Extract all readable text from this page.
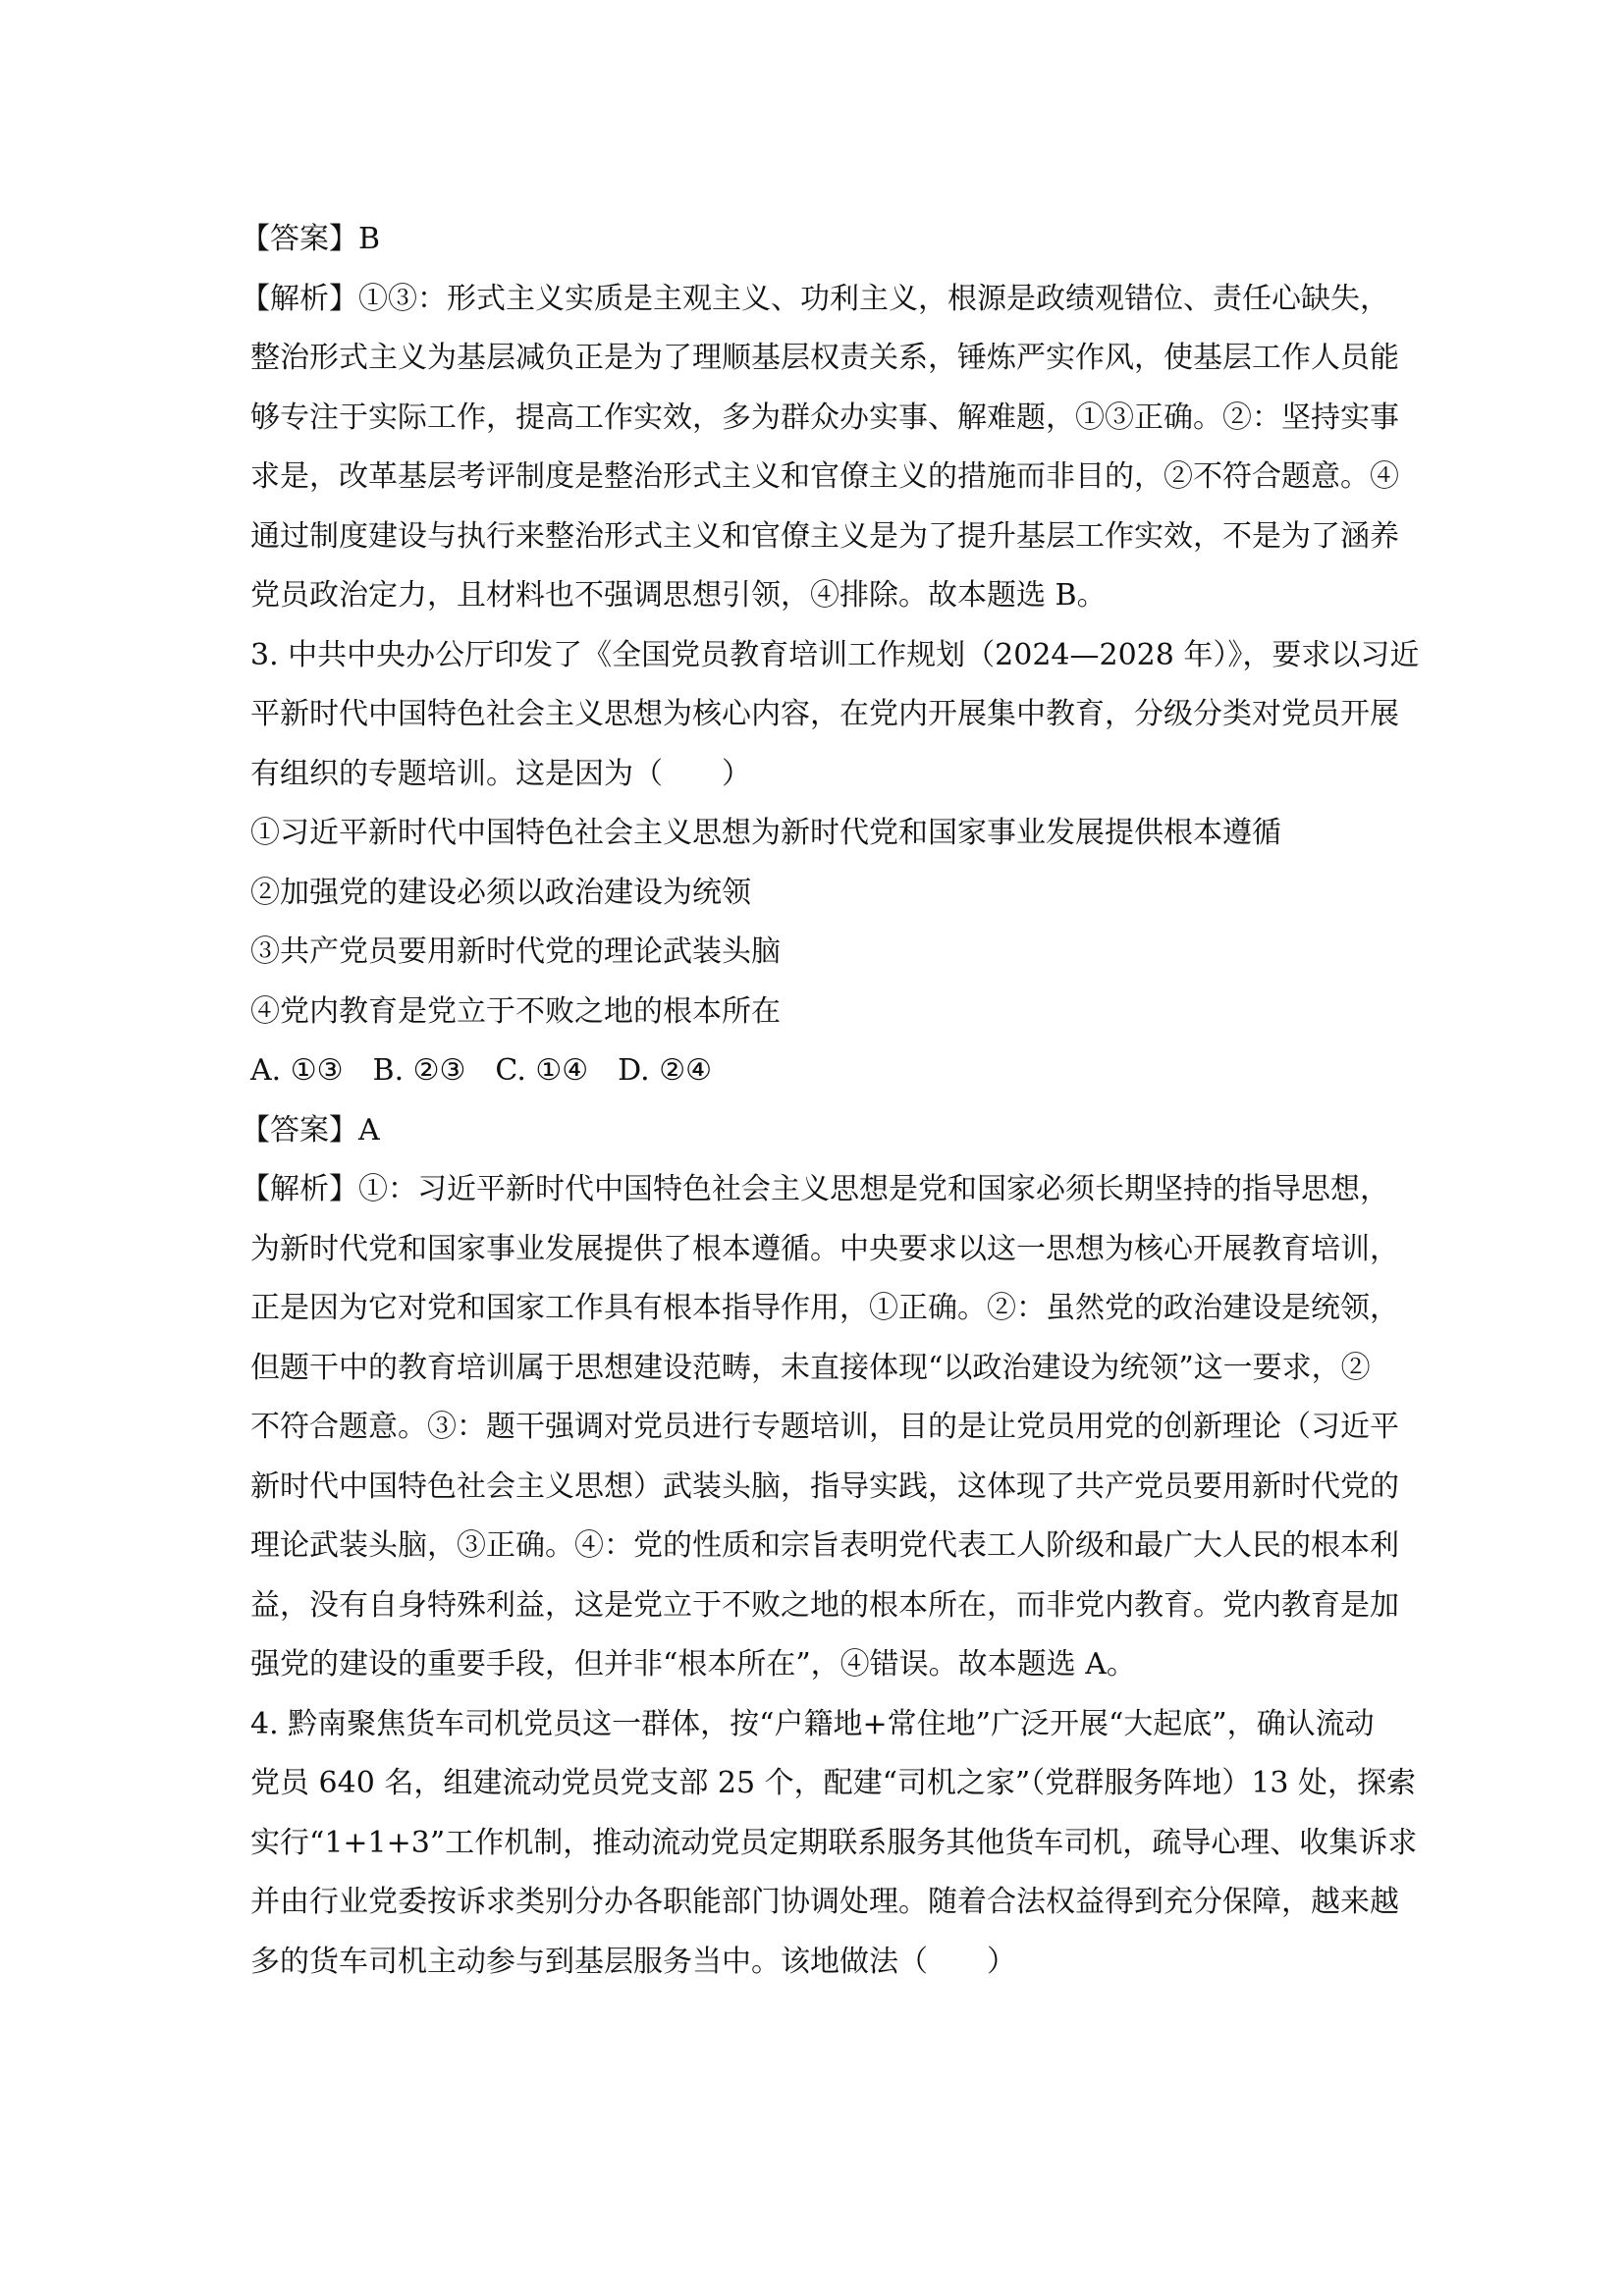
【答案】B
【解析】①③：形式主义实质是主观主义、功利主义，根源是政绩观错位、责任心缺失，
整治形式主义为基层减负正是为了理顺基层权责关系，锤炼严实作风，使基层工作人员能
够专注于实际工作，提高工作实效，多为群众办实事、解难题，①③正确。②：坚持实事
求是，改革基层考评制度是整治形式主义和官僚主义的措施而非目的，②不符合题意。④
通过制度建设与执行来整治形式主义和官僚主义是为了提升基层工作实效，不是为了涵养
党员政治定力，且材料也不强调思想引领，④排除。故本题选 B。
3. 中共中央办公厅印发了《全国党员教育培训工作规划（2024—2028 年）》，要求以习近
平新时代中国特色社会主义思想为核心内容，在党内开展集中教育，分级分类对党员开展
有组织的专题培训。这是因为（　　）
①习近平新时代中国特色社会主义思想为新时代党和国家事业发展提供根本遵循
②加强党的建设必须以政治建设为统领
③共产党员要用新时代党的理论武装头脑
④党内教育是党立于不败之地的根本所在
A. ①③　B. ②③　C. ①④　D. ②④
【答案】A
【解析】①：习近平新时代中国特色社会主义思想是党和国家必须长期坚持的指导思想，
为新时代党和国家事业发展提供了根本遵循。中央要求以这一思想为核心开展教育培训，
正是因为它对党和国家工作具有根本指导作用，①正确。②：虽然党的政治建设是统领，
但题干中的教育培训属于思想建设范畴，未直接体现“以政治建设为统领”这一要求，②
不符合题意。③：题干强调对党员进行专题培训，目的是让党员用党的创新理论（习近平
新时代中国特色社会主义思想）武装头脑，指导实践，这体现了共产党员要用新时代党的
理论武装头脑，③正确。④：党的性质和宗旨表明党代表工人阶级和最广大人民的根本利
益，没有自身特殊利益，这是党立于不败之地的根本所在，而非党内教育。党内教育是加
强党的建设的重要手段，但并非“根本所在”，④错误。故本题选 A。
4. 黔南聚焦货车司机党员这一群体，按“户籍地+常住地”广泛开展“大起底”，确认流动
党员 640 名，组建流动党员党支部 25 个，配建“司机之家”（党群服务阵地）13 处，探索
实行“1+1+3”工作机制，推动流动党员定期联系服务其他货车司机，疏导心理、收集诉求
并由行业党委按诉求类别分办各职能部门协调处理。随着合法权益得到充分保障，越来越
多的货车司机主动参与到基层服务当中。该地做法（　　）
